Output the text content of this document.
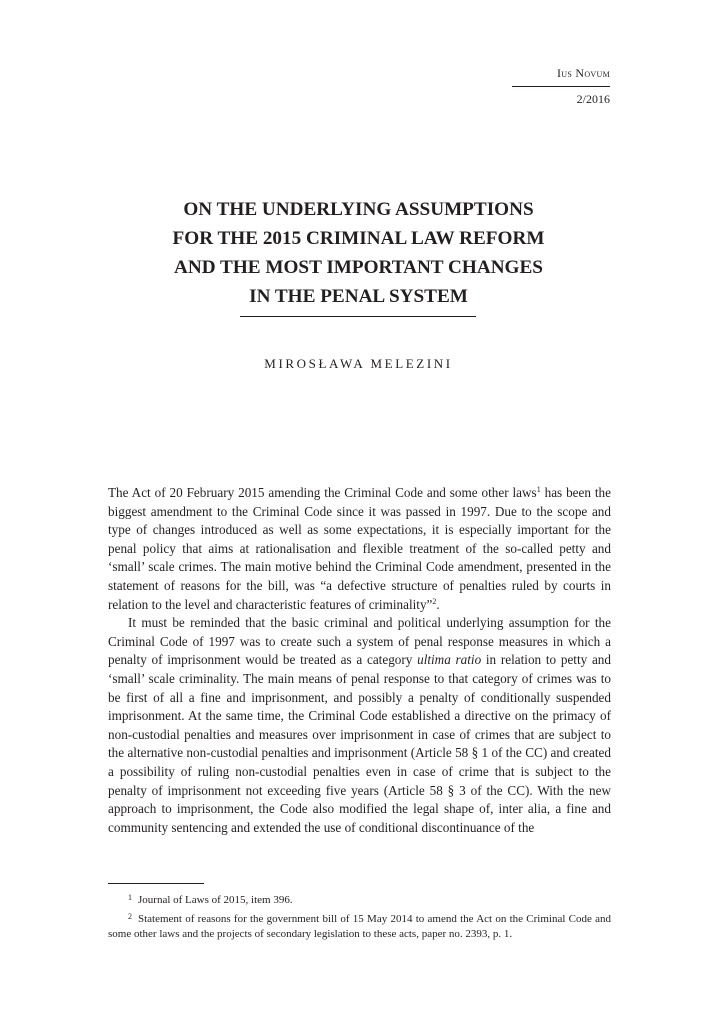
Ius Novum
2/2016
ON THE UNDERLYING ASSUMPTIONS
FOR THE 2015 CRIMINAL LAW REFORM
AND THE MOST IMPORTANT CHANGES
IN THE PENAL SYSTEM
MIROSŁAWA MELEZINI

The Act of 20 February 2015 amending the Criminal Code and some other laws$^1$ has been the biggest amendment to the Criminal Code since it was passed in 1997. Due to the scope and type of changes introduced as well as some expectations, it is especially important for the penal policy that aims at rationalisation and flexible treatment of the so-called petty and ‘small’ scale crimes. The main motive behind the Criminal Code amendment, presented in the statement of reasons for the bill, was “a defective structure of penalties ruled by courts in relation to the level and characteristic features of criminality”$^2$.

It must be reminded that the basic criminal and political underlying assumption for the Criminal Code of 1997 was to create such a system of penal response measures in which a penalty of imprisonment would be treated as a category ultima ratio in relation to petty and ‘small’ scale criminality. The main means of penal response to that category of crimes was to be first of all a fine and imprisonment, and possibly a penalty of conditionally suspended imprisonment. At the same time, the Criminal Code established a directive on the primacy of non-custodial penalties and measures over imprisonment in case of crimes that are subject to the alternative non-custodial penalties and imprisonment (Article 58 § 1 of the CC) and created a possibility of ruling non-custodial penalties even in case of crime that is subject to the penalty of imprisonment not exceeding five years (Article 58 § 3 of the CC). With the new approach to imprisonment, the Code also modified the legal shape of, inter alia, a fine and community sentencing and extended the use of conditional discontinuance of the

$^1$ Journal of Laws of 2015, item 396.

$^2$ Statement of reasons for the government bill of 15 May 2014 to amend the Act on the Criminal Code and some other laws and the projects of secondary legislation to these acts, paper no. 2393, p. 1.
